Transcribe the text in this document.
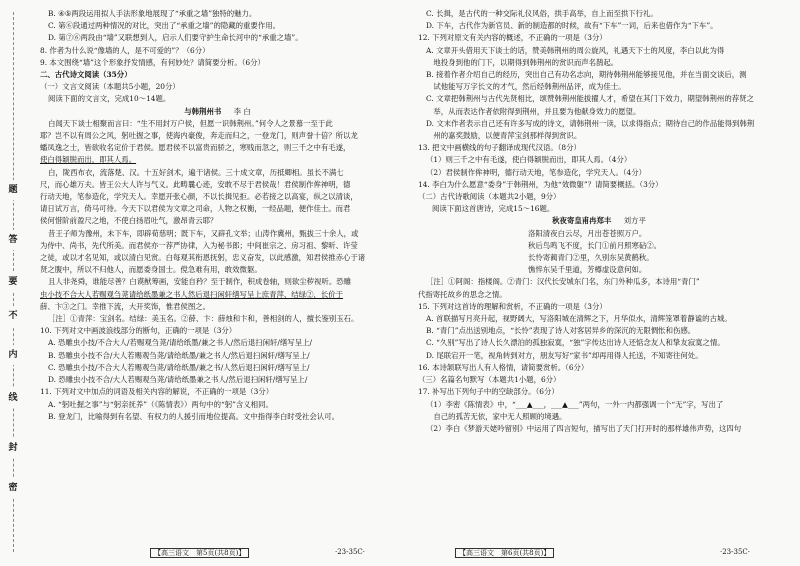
题
答
要
不
内
线
封
密
B. ④⑤两段运用拟人手法形象地展现了“承重之墙”独特的魅力。
C. 第⑥段通过两种情况的对比，突出了“承重之墙”的隐藏的重要作用。
D. 第⑦⑥两段由“墙”又联想到人，启示人们要守护生命长河中的“承重之墙”。
8. 作者为什么说“像墙的人，是不可爱的”？（6分）
9. 本文围绕“墙”这个形象抒发情感，有何妙处？请简要分析。（6分）
二、古代诗文阅读（35分）
（一）文言文阅读（本题共5小题，20分）
阅读下面的文言文，完成10～14题。
与韩荆州书 李 白
白闻天下谈士相聚而言曰：“生不用封万户侯，但愿一识韩荆州。”何令人之景慕一至于此
耶？岂不以有周公之风，躬吐握之事，使海内豪俊，奔走而归之，一登龙门，则声誉十倍？所以龙
蟠凤逸之士，皆欲收名定价于君侯。愿君侯不以富贵而骄之，寒贱而忽之，则三千之中有毛遂，
使白得颖脱而出，即其人焉。
白，陇西布衣，流落楚、汉。十五好剑术，遍干诸侯。三十成文章，历抵卿相。虽长不满七
尺，而心雄万夫。皆王公大人许与气义。此畴曩心迹，安敢不尽于君侯哉！君侯制作侔神明，德
行动天地，笔参造化，学究天人。幸愿开张心颜，不以长揖见拒。必若接之以高宴，纵之以清谈，
请日试万言，倚马可待。今天下以君侯为文章之司命，人物之权衡，一经品题，便作佳士。而君
侯何惜阶前盈尺之地，不使白扬眉吐气，激昂青云耶？
昔王子师为豫州，未下车，即辟荀慈明；既下车，又辟孔文举；山涛作冀州，甄拔三十余人，或
为侍中、尚书，先代所美。而君侯亦一荐严协律，入为秘书郎；中间崔宗之、房习祖、黎昕、许莹
之徒，或以才名见知，或以清白见赏。白每观其衔恩抚躬，忠义奋发，以此感激，知君侯推赤心于诸
贤之腹中，所以不归他人，而愿委身国士。傥急难有用，敢效微躯。
且人非尧舜，谁能尽善？白谟猷筹画，安能自矜？至于制作，积成卷轴，则欲尘秽视听。恐雕
虫小技不合大人若赐观刍荛请给纸墨兼之书人然后退扫闲轩缮写呈上庶青萍、结绿②，长价于
薛、卞③之门。幸推下流，大开奖饰，惟君侯图之。
［注］①青萍：宝剑名。结绿：美玉名。②薛、卞：薛烛和卞和，善相剑的人，擅长鉴别玉石。
10. 下列对文中画波浪线部分的断句，正确的一项是（3分）
A. 恐雕虫小技/不合大人/若赐观刍荛/请给纸墨/兼之书人/然后退扫闲轩/缮写呈上/
B. 恐雕虫小技不合/大人若赐观刍荛/请给纸墨/兼之书人/然后退扫闲轩/缮写呈上/
C. 恐雕虫小技/不合大人若赐观刍荛/请给纸墨/兼之书/人然后退扫闲轩/缮写呈上/
D. 恐雕虫小技不合/大人若赐观刍荛/请给纸墨兼之书人/然后退扫闲轩/缮写呈上/
11. 下列对文中加点的词语及相关内容的解说，不正确的一项是（3分）
A. “躬吐握之事”与“躬亲抚养”（《陈情表》）两句中的“躬”含义相同。
B. 登龙门，比喻得到有名望、有权力的人援引而地位提高。文中指得李白时受社会认可。
【高三语文　第5页(共8页)】	·23-35C·
C. 长揖，是古代的一种交际礼仪风俗，拱手高举，自上而至拱下行礼。
D. 下车，古代作为新官员、新的制造都的时候，故有“下车”一词，后来也借作为“下车”。
12. 下列对原文有关内容的概述，不正确的一项是（3分）
A. 文章开头借用天下谈士的话，赞美韩荆州的周公旋风，礼遇天下士的风度，李白以此为得
　地投身到他的门下，以期得到韩荆州的赏识而声名鹊起。
B. 接着作者介绍自己的经历，突出自己有功名志向，期待韩荆州能够接见他，并在当面交谈后，测
　试他能写万字长文的才气，然后经韩荆州品评，成为佳士。
C. 文章把韩荆州与古代先贤相比，颂赞韩荆州能拔擢人才，希望在其门下效力，期望韩荆州的荐贤之
　举，从而表达作者依附得到荆州，并且要为他献身效力的愿望。
D. 文末作者表示自己还有许多写成的诗文，请韩荆州一读，以求得指点；期待自己的作品能得到韩荆
　州的嘉奖鼓励，以便青萍宝剑那样得到赏识。
13. 把文中画横线的句子翻译成现代汉语。（8分）
（1）则三千之中有毛遂，使白得颖脱而出，即其人焉。（4分）
（2）君侯制作侔神明，德行动天地，笔参造化，学究天人。（4分）
14. 李白为什么愿意“委身”于韩荆州，为他“效微躯”？请简要概括。（3分）
（二）古代诗歌阅读（本题共2小题，9分）
阅读下面这首唐诗，完成15～16题。
秋夜寄皇甫冉郑丰 刘方平
洛阳清夜白云尽，月出苍苍照万户。
秋后鸟鸣飞不度，长门①前月照寒砧②。
长怜寄蔺青门②里，久别东吴黄鹤秋。
憔悴东吴千里道，芳樽虚设意何如。
［注］①阿阁：指楼阁。②青门：汉代长安城东门名，东门外种瓜多，本诗用“青门”
代指寄托故乡的思念之情。
15. 下列对这首诗的理解和赏析，不正确的一项是（3分）
A. 首联描写月亮升起，视野阔大，写洛阳城在清辉之下，月华似水，清辉笼罩着静谧的古城。
B. “青门”点出送别地点，“长怜”表现了诗人对客居异乡的深沉的无限惆怅和伤感。
C. “久别”写出了诗人长久漂泊的孤独寂寞，“独”字传达出诗人还惦念友人和挚友寂寞之情。
D. 尾联宕开一笔，视角转到对方，朋友写好“家书”却再用得人托送，不知寄往何处。
16. 本诗颔联写出人有人格情，请简要赏析。（6分）
（三）名篇名句默写（本题共1小题，6分）
17. 补写出下列句子中的空缺部分。（6分）
（1）李密《陈情表》中，“___▲___，___▲___”两句，一外一内都强调一个“无”字，写出了
　自己的孤苦无依，家中无人照顾的境遇。
（2）李白《梦游天姥吟留别》中运用了四言短句，描写出了天门打开时的那样雄伟声势，这四句
【高三语文　第6页(共8页)】	·23-35C·
